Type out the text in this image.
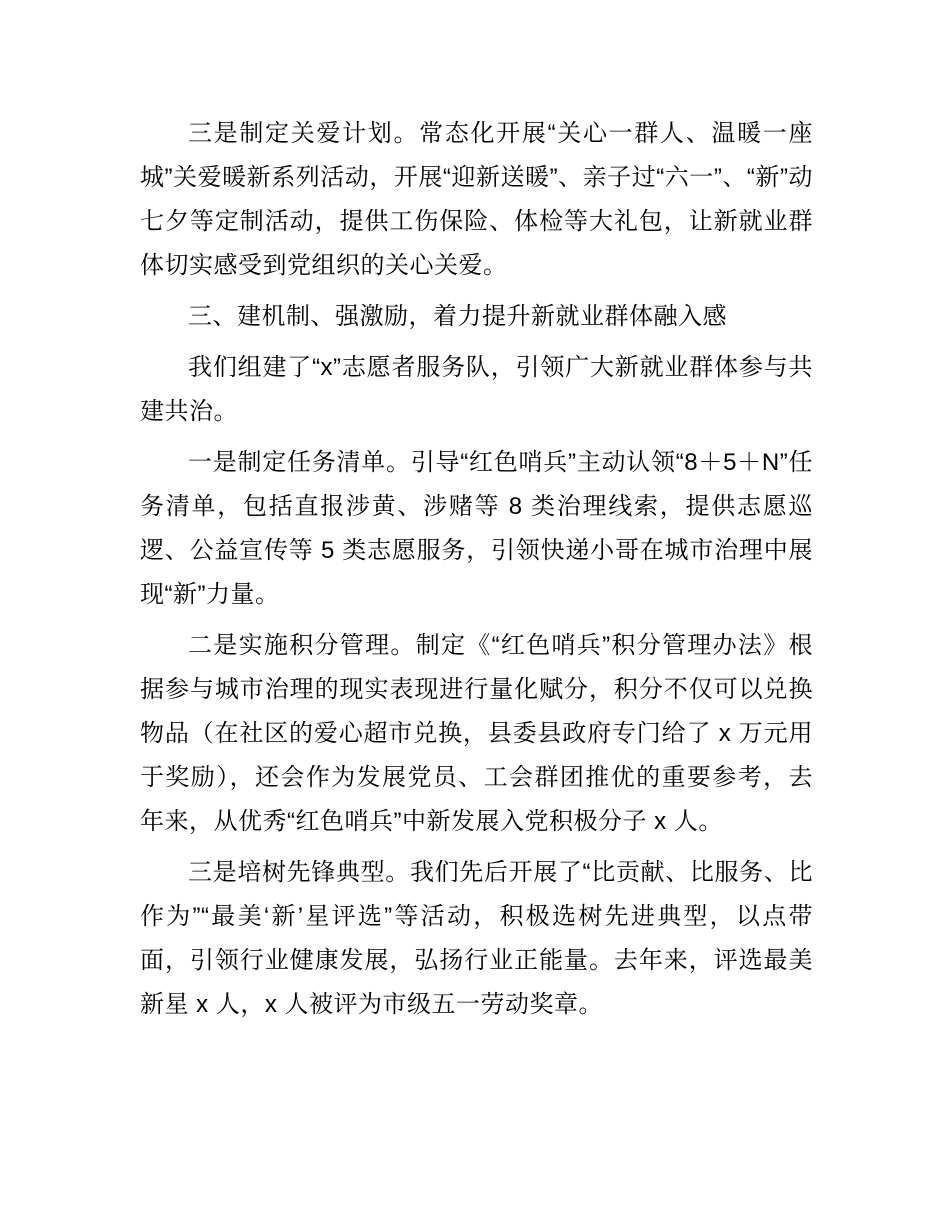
三是制定关爱计划。常态化开展“关心一群人、温暖一座城”关爱暖新系列活动，开展“迎新送暖”、亲子过“六一”、“新”动七夕等定制活动，提供工伤保险、体检等大礼包，让新就业群体切实感受到党组织的关心关爱。

三、建机制、强激励，着力提升新就业群体融入感

我们组建了“x”志愿者服务队，引领广大新就业群体参与共建共治。

一是制定任务清单。引导“红色哨兵”主动认领“8＋5＋N”任务清单，包括直报涉黄、涉赌等 8 类治理线索，提供志愿巡逻、公益宣传等 5 类志愿服务，引领快递小哥在城市治理中展现“新”力量。

二是实施积分管理。制定《“红色哨兵”积分管理办法》根据参与城市治理的现实表现进行量化赋分，积分不仅可以兑换物品（在社区的爱心超市兑换，县委县政府专门给了 x 万元用于奖励），还会作为发展党员、工会群团推优的重要参考，去年来，从优秀“红色哨兵”中新发展入党积极分子 x 人。

三是培树先锋典型。我们先后开展了“比贡献、比服务、比作为”“最美‘新’星评选”等活动，积极选树先进典型，以点带面，引领行业健康发展，弘扬行业正能量。去年来，评选最美新星 x 人，x 人被评为市级五一劳动奖章。
